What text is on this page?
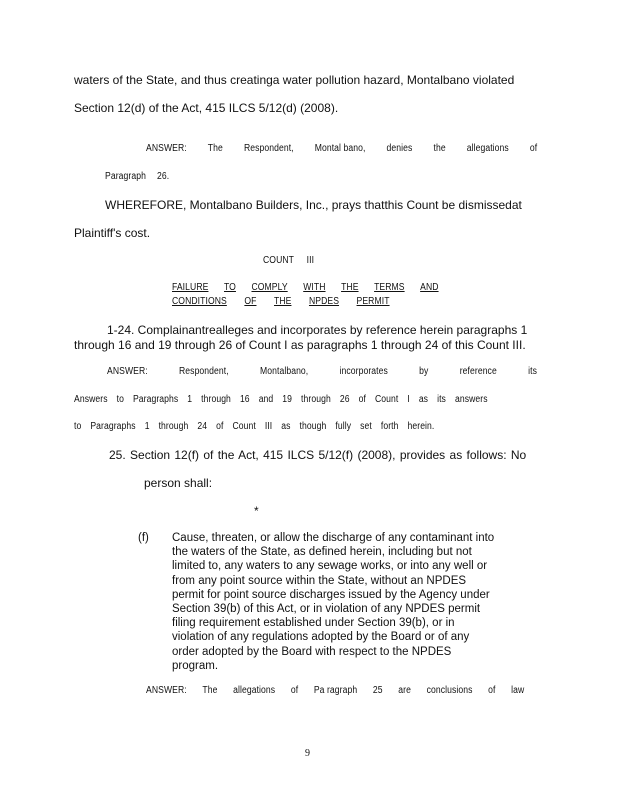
waters of the State, and thus creatinga water pollution hazard, Montalbano violated
Section 12(d) of the Act, 415 ILCS 5/12(d) (2008).
ANSWER: The Respondent, Montal bano, denies the allegations of
Paragraph 26.
WHEREFORE, Montalbano Builders, Inc., prays thatthis Count be dismissedat
Plaintiff's cost.
COUNT III
FAILURE TO COMPLY WITH THE TERMS AND
CONDITIONS OF THE NPDES PERMIT
1-24. Complainantrealleges and incorporates by reference herein paragraphs 1
through 16 and 19 through 26 of Count I as paragraphs 1 through 24 of this Count III.
ANSWER:	Respondent,	Montalbano,	incorporates	by	reference	its
Answers to Paragraphs 1 through 16 and 19 through 26 of Count I as its answers
to Paragraphs 1 through 24 of Count III as though fully set forth herein.
25. Section 12(f) of the Act, 415 ILCS 5/12(f) (2008), provides as follows: No
person shall:
*
(f) Cause, threaten, or allow the discharge of any contaminant into
the waters of the State, as defined herein, including but not
limited to, any waters to any sewage works, or into any well or
from any point source within the State, without an NPDES
permit for point source discharges issued by the Agency under
Section 39(b) of this Act, or in violation of any NPDES permit
filing requirement established under Section 39(b), or in
violation of any regulations adopted by the Board or of any
order adopted by the Board with respect to the NPDES
program.
ANSWER: The allegations of Pa ragraph 25 are conclusions of law
9
